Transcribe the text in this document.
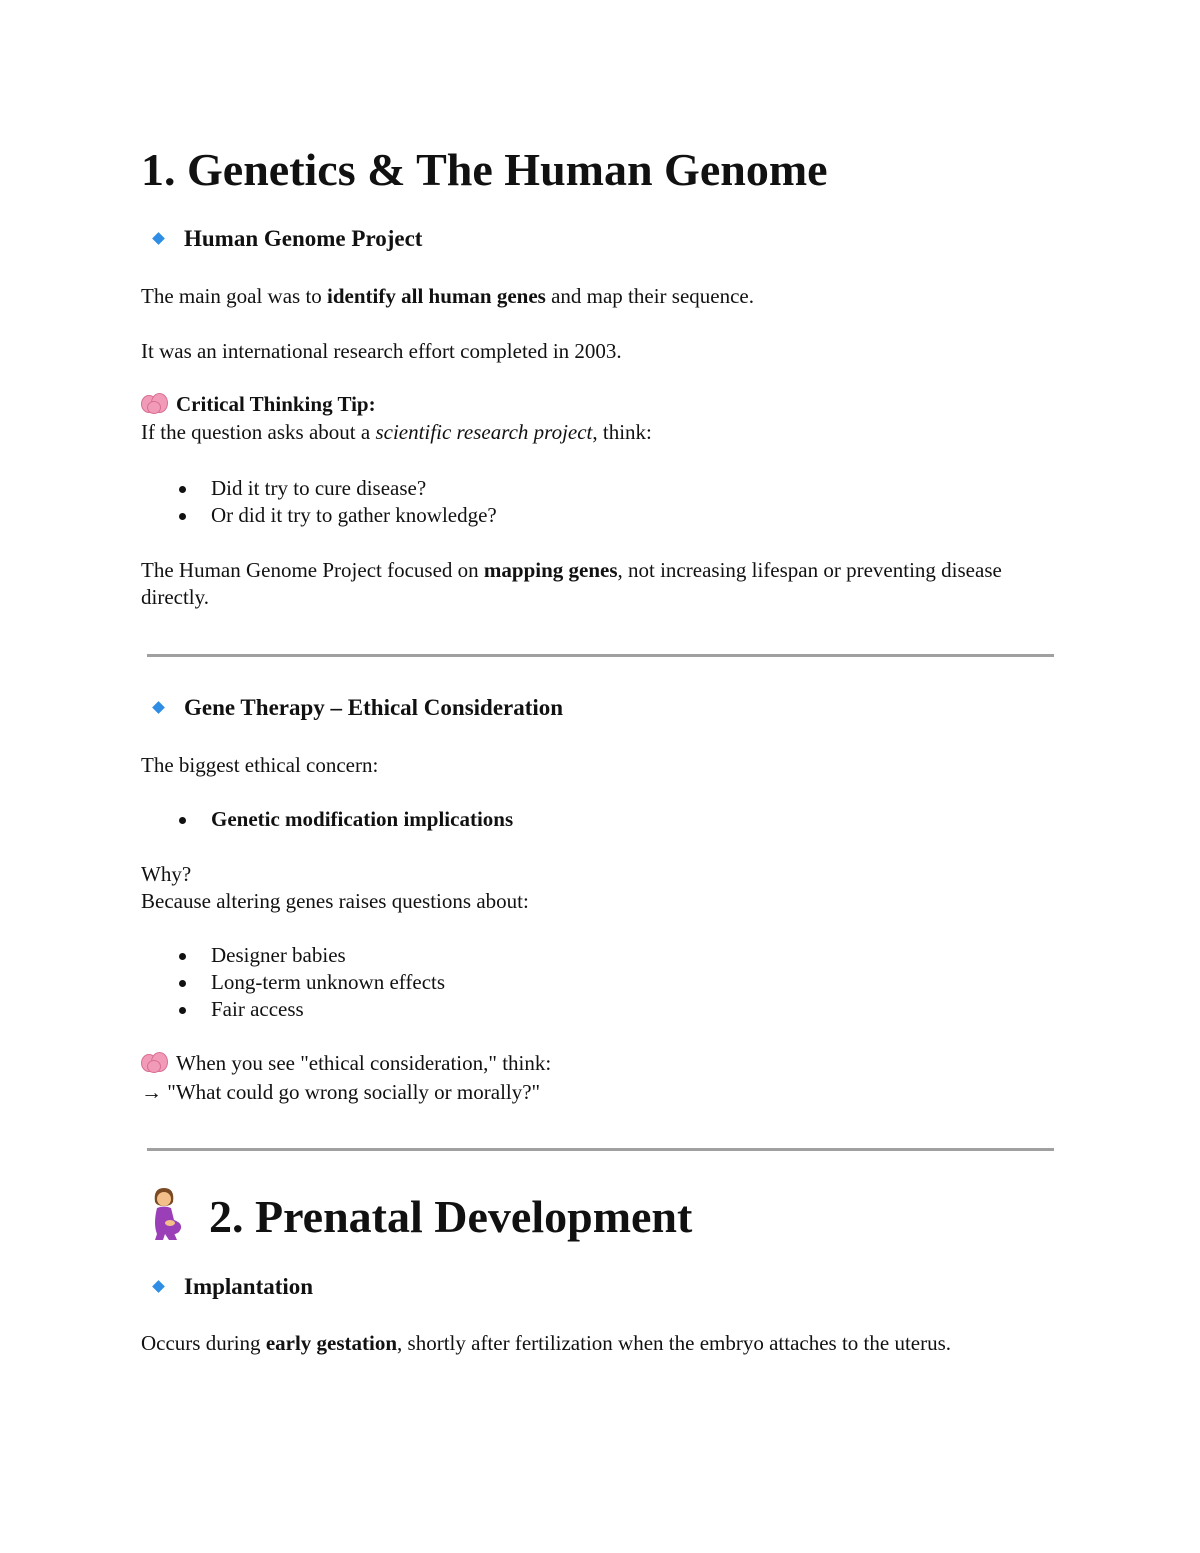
1. Genetics & The Human Genome
Human Genome Project
The main goal was to identify all human genes and map their sequence.
It was an international research effort completed in 2003.
Critical Thinking Tip:
If the question asks about a scientific research project, think:
Did it try to cure disease?
Or did it try to gather knowledge?
The Human Genome Project focused on mapping genes, not increasing lifespan or preventing disease directly.
Gene Therapy – Ethical Consideration
The biggest ethical concern:
Genetic modification implications
Why?
Because altering genes raises questions about:
Designer babies
Long-term unknown effects
Fair access
When you see "ethical consideration," think:
→ "What could go wrong socially or morally?"
2. Prenatal Development
Implantation
Occurs during early gestation, shortly after fertilization when the embryo attaches to the uterus.
